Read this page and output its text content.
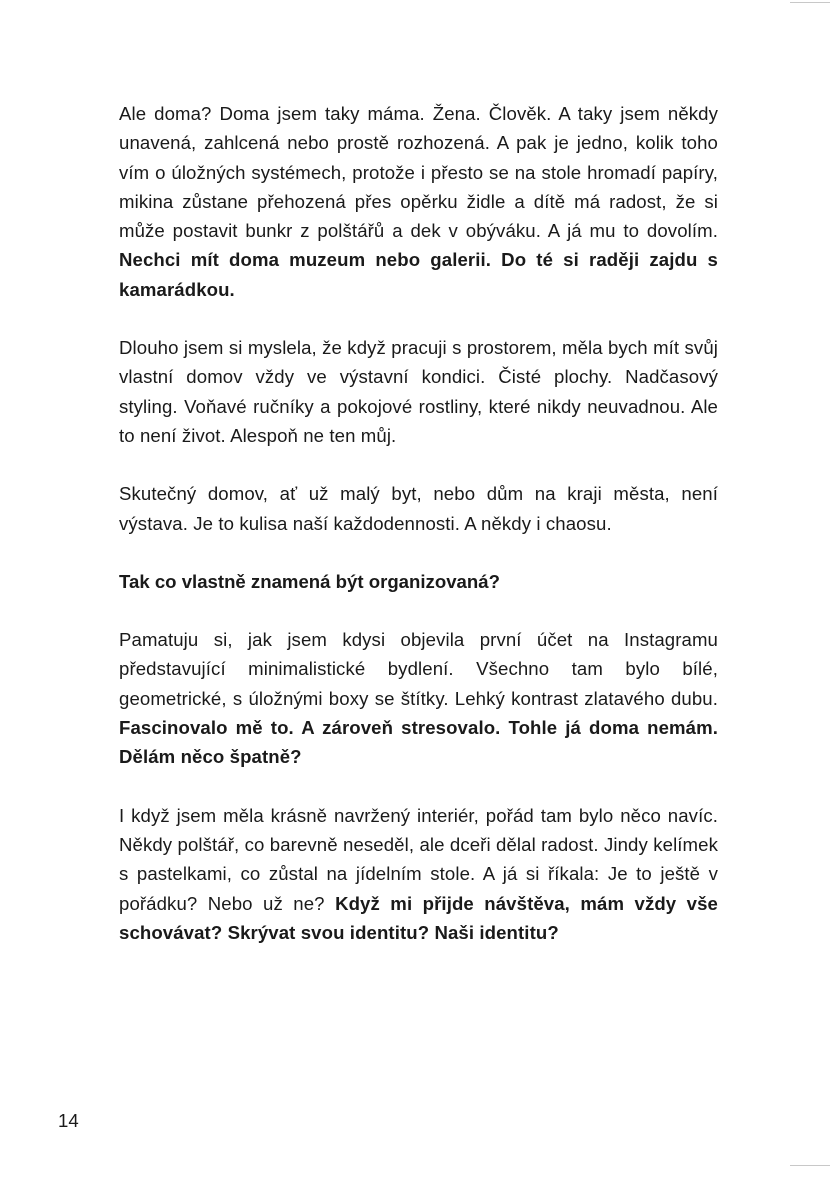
Ale doma? Doma jsem taky máma. Žena. Člověk. A taky jsem někdy unavená, zahlcená nebo prostě rozhozená. A pak je jedno, kolik toho vím o úložných systémech, protože i přesto se na stole hromadí papíry, mikina zůstane přehozená přes opěrku židle a dítě má radost, že si může postavit bunkr z polštářů a dek v obýváku. A já mu to dovolím. Nechci mít doma muzeum nebo galerii. Do té si raději zajdu s kamarádkou.

Dlouho jsem si myslela, že když pracuji s prostorem, měla bych mít svůj vlastní domov vždy ve výstavní kondici. Čisté plochy. Nadčasový styling. Voňavé ručníky a pokojové rostliny, které nikdy neuvadnou. Ale to není život. Alespoň ne ten můj.

Skutečný domov, ať už malý byt, nebo dům na kraji města, není výstava. Je to kulisa naší každodennosti. A někdy i chaosu.

Tak co vlastně znamená být organizovaná?

Pamatuju si, jak jsem kdysi objevila první účet na Instagramu představující minimalistické bydlení. Všechno tam bylo bílé, geometrické, s úložnými boxy se štítky. Lehký kontrast zlatavého dubu. Fascinovalo mě to. A zároveň stresovalo. Tohle já doma nemám. Dělám něco špatně?

I když jsem měla krásně navržený interiér, pořád tam bylo něco navíc. Někdy polštář, co barevně neseděl, ale dceři dělal radost. Jindy kelímek s pastelkami, co zůstal na jídelním stole. A já si říkala: Je to ještě v pořádku? Nebo už ne? Když mi přijde návštěva, mám vždy vše schovávat? Skrývat svou identitu? Naši identitu?

14
